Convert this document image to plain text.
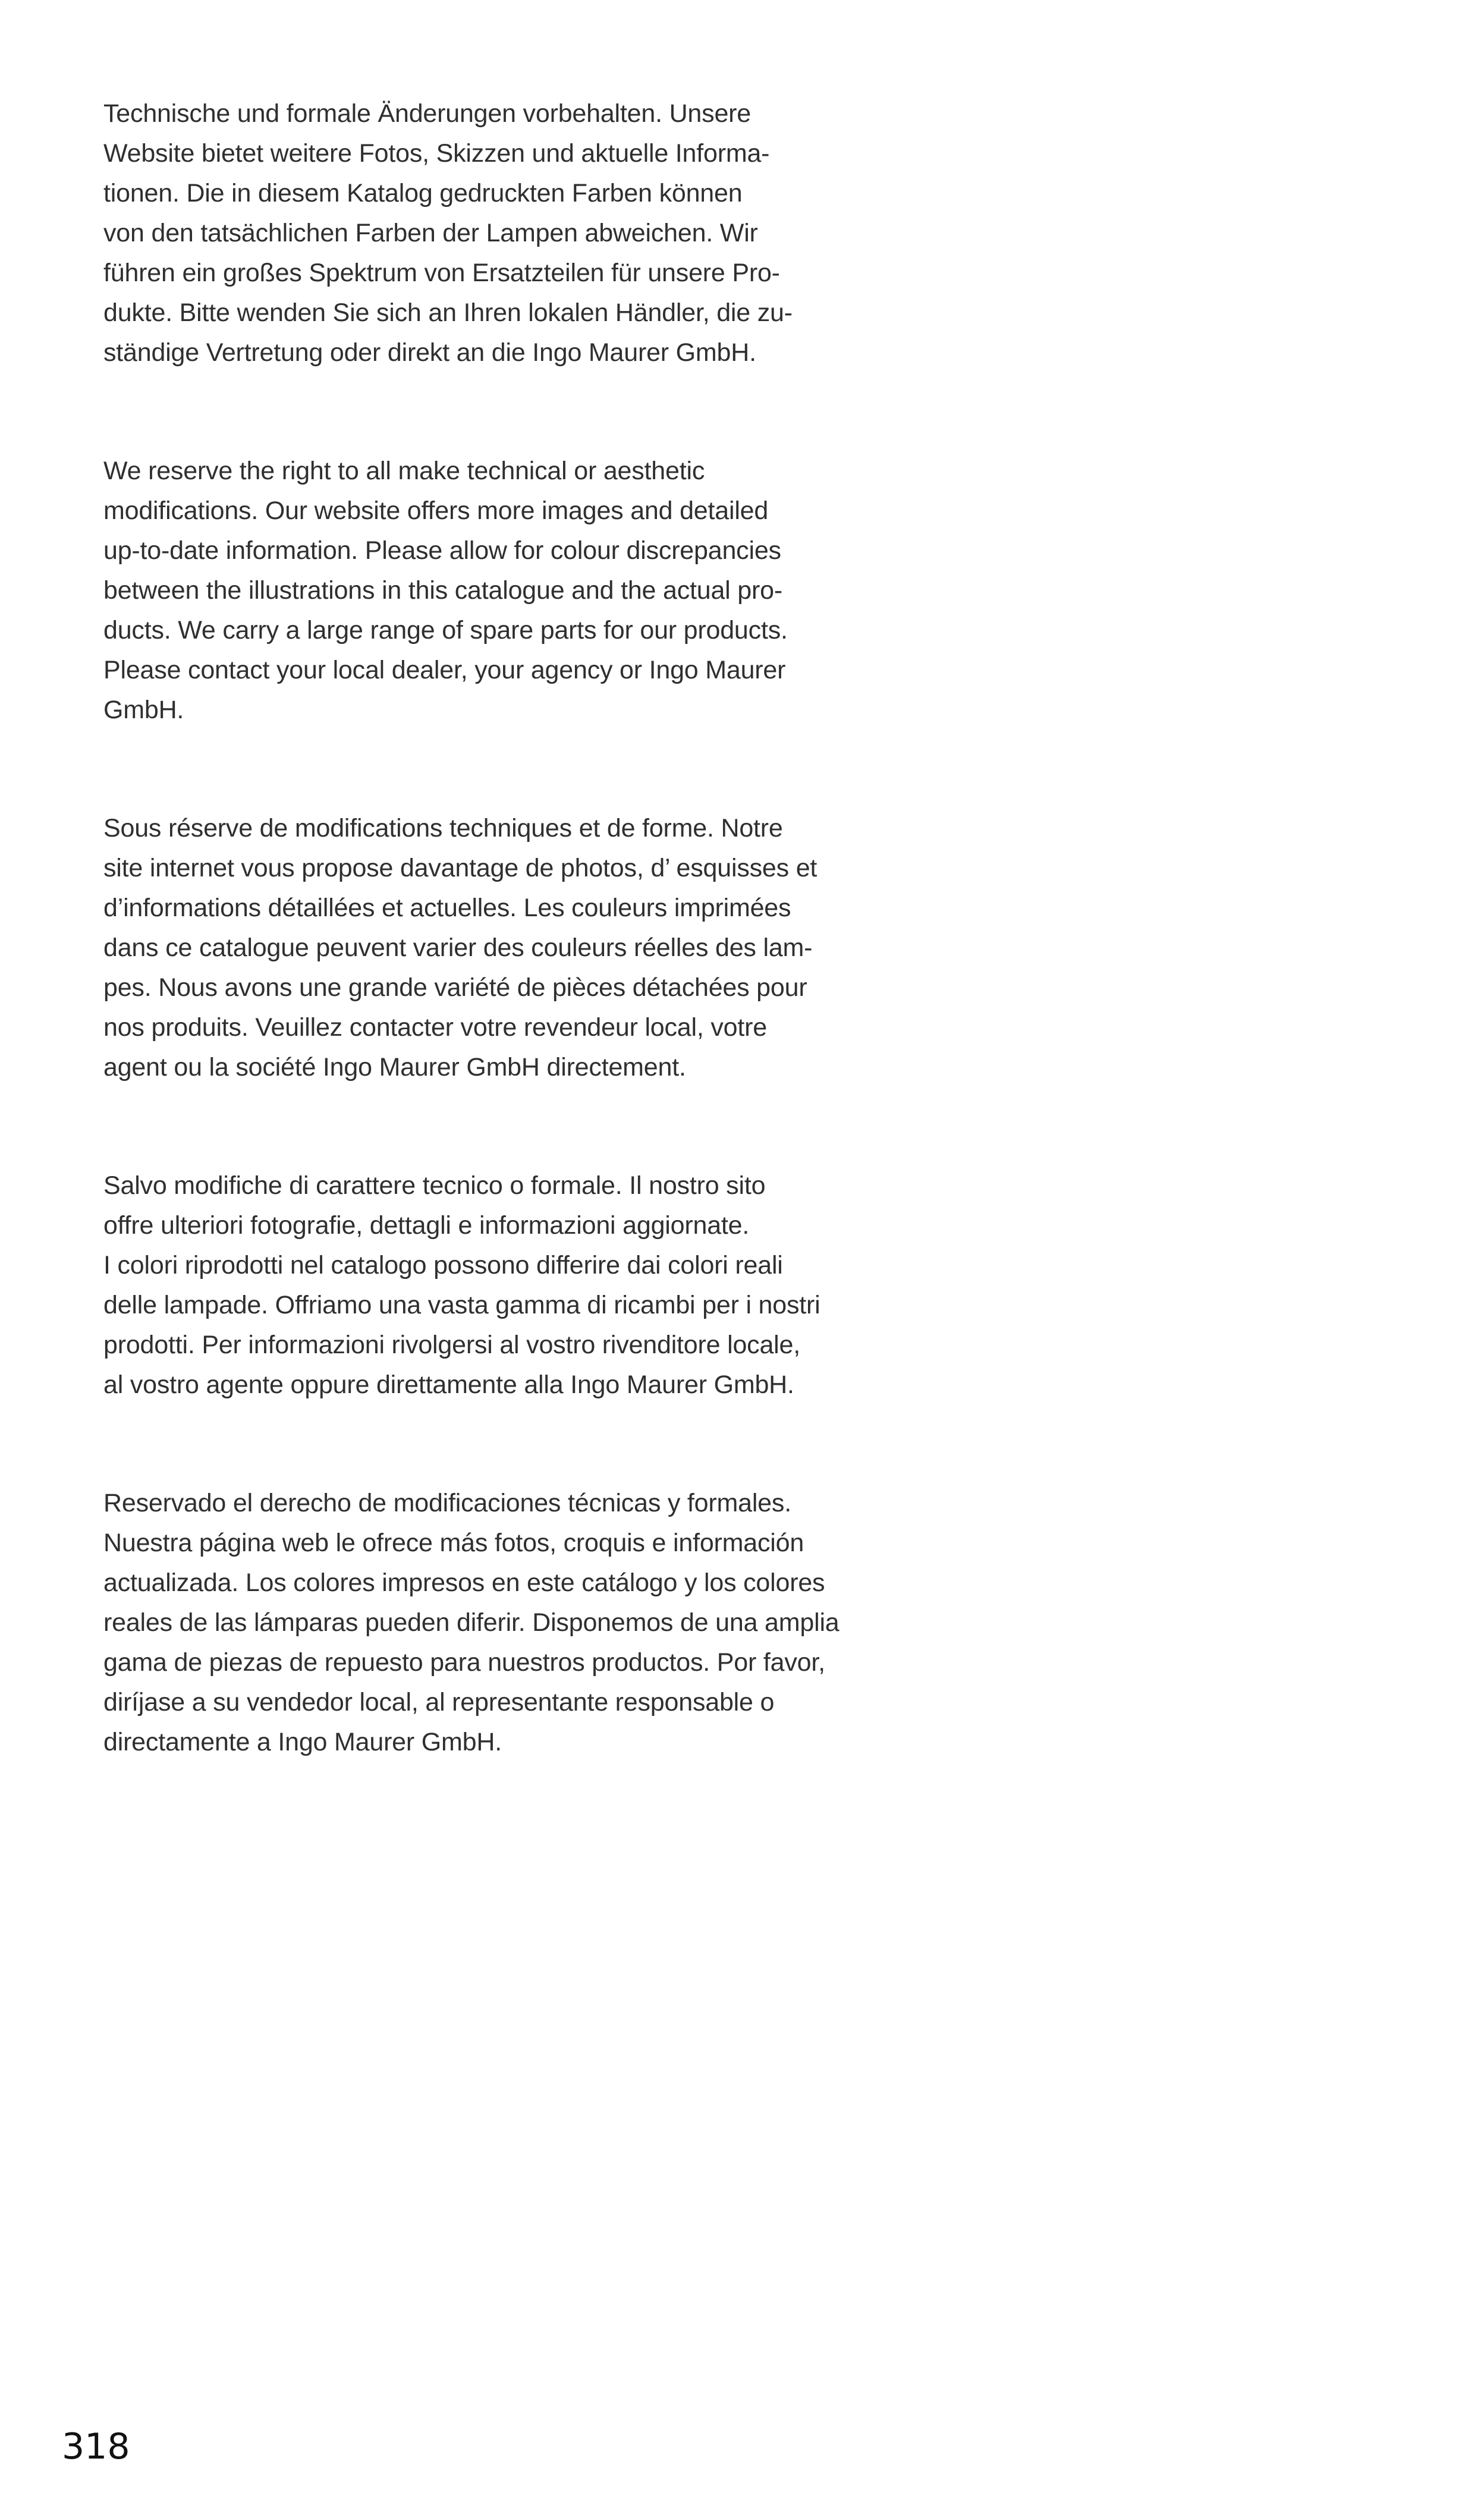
Technische und formale Änderungen vorbehalten. Unsere
Website bietet weitere Fotos, Skizzen und aktuelle Informa-
tionen. Die in diesem Katalog gedruckten Farben können
von den tatsächlichen Farben der Lampen abweichen. Wir
führen ein großes Spektrum von Ersatzteilen für unsere Pro-
dukte. Bitte wenden Sie sich an Ihren lokalen Händler, die zu-
ständige Vertretung oder direkt an die Ingo Maurer GmbH.

We reserve the right to all make technical or aesthetic
modifications. Our website offers more images and detailed
up-to-date information. Please allow for colour discrepancies
between the illustrations in this catalogue and the actual pro-
ducts. We carry a large range of spare parts for our products.
Please contact your local dealer, your agency or Ingo Maurer
GmbH.

Sous réserve de modifications techniques et de forme. Notre
site internet vous propose davantage de photos, d’ esquisses et
d’informations détaillées et actuelles. Les couleurs imprimées
dans ce catalogue peuvent varier des couleurs réelles des lam-
pes. Nous avons une grande variété de pièces détachées pour
nos produits. Veuillez contacter votre revendeur local, votre
agent ou la société Ingo Maurer GmbH directement.

Salvo modifiche di carattere tecnico o formale. Il nostro sito
offre ulteriori fotografie, dettagli e informazioni aggiornate.
I colori riprodotti nel catalogo possono differire dai colori reali
delle lampade. Offriamo una vasta gamma di ricambi per i nostri
prodotti. Per informazioni rivolgersi al vostro rivenditore locale,
al vostro agente oppure direttamente alla Ingo Maurer GmbH.

Reservado el derecho de modificaciones técnicas y formales.
Nuestra página web le ofrece más fotos, croquis e información
actualizada. Los colores impresos en este catálogo y los colores
reales de las lámparas pueden diferir. Disponemos de una amplia
gama de piezas de repuesto para nuestros productos. Por favor,
diríjase a su vendedor local, al representante responsable o
directamente a Ingo Maurer GmbH.

318
